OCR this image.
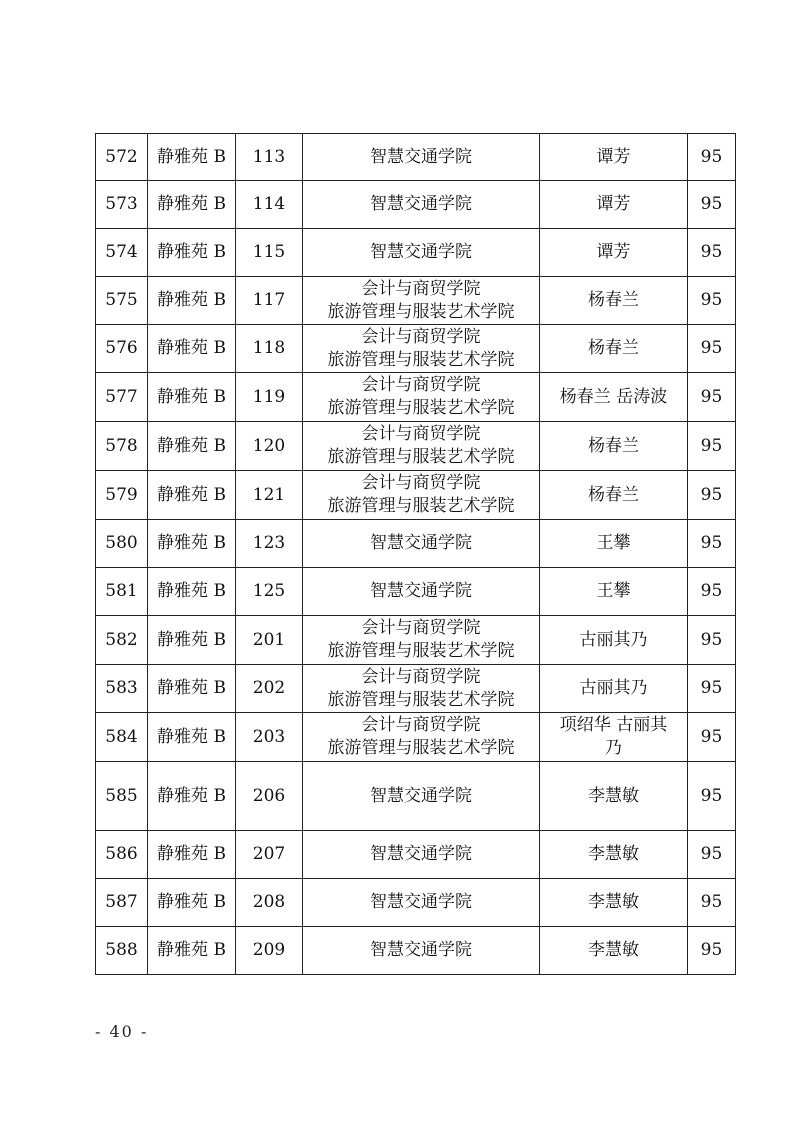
572	静雅苑 B	113	智慧交通学院	谭芳	95
573	静雅苑 B	114	智慧交通学院	谭芳	95
574	静雅苑 B	115	智慧交通学院	谭芳	95
575	静雅苑 B	117	会计与商贸学院
旅游管理与服装艺术学院	杨春兰	95
576	静雅苑 B	118	会计与商贸学院
旅游管理与服装艺术学院	杨春兰	95
577	静雅苑 B	119	会计与商贸学院
旅游管理与服装艺术学院	杨春兰 岳涛波	95
578	静雅苑 B	120	会计与商贸学院
旅游管理与服装艺术学院	杨春兰	95
579	静雅苑 B	121	会计与商贸学院
旅游管理与服装艺术学院	杨春兰	95
580	静雅苑 B	123	智慧交通学院	王攀	95
581	静雅苑 B	125	智慧交通学院	王攀	95
582	静雅苑 B	201	会计与商贸学院
旅游管理与服装艺术学院	古丽其乃	95
583	静雅苑 B	202	会计与商贸学院
旅游管理与服装艺术学院	古丽其乃	95
584	静雅苑 B	203	会计与商贸学院
旅游管理与服装艺术学院	项绍华 古丽其
乃	95
585	静雅苑 B	206	智慧交通学院	李慧敏	95
586	静雅苑 B	207	智慧交通学院	李慧敏	95
587	静雅苑 B	208	智慧交通学院	李慧敏	95
588	静雅苑 B	209	智慧交通学院	李慧敏	95
- 40 -
